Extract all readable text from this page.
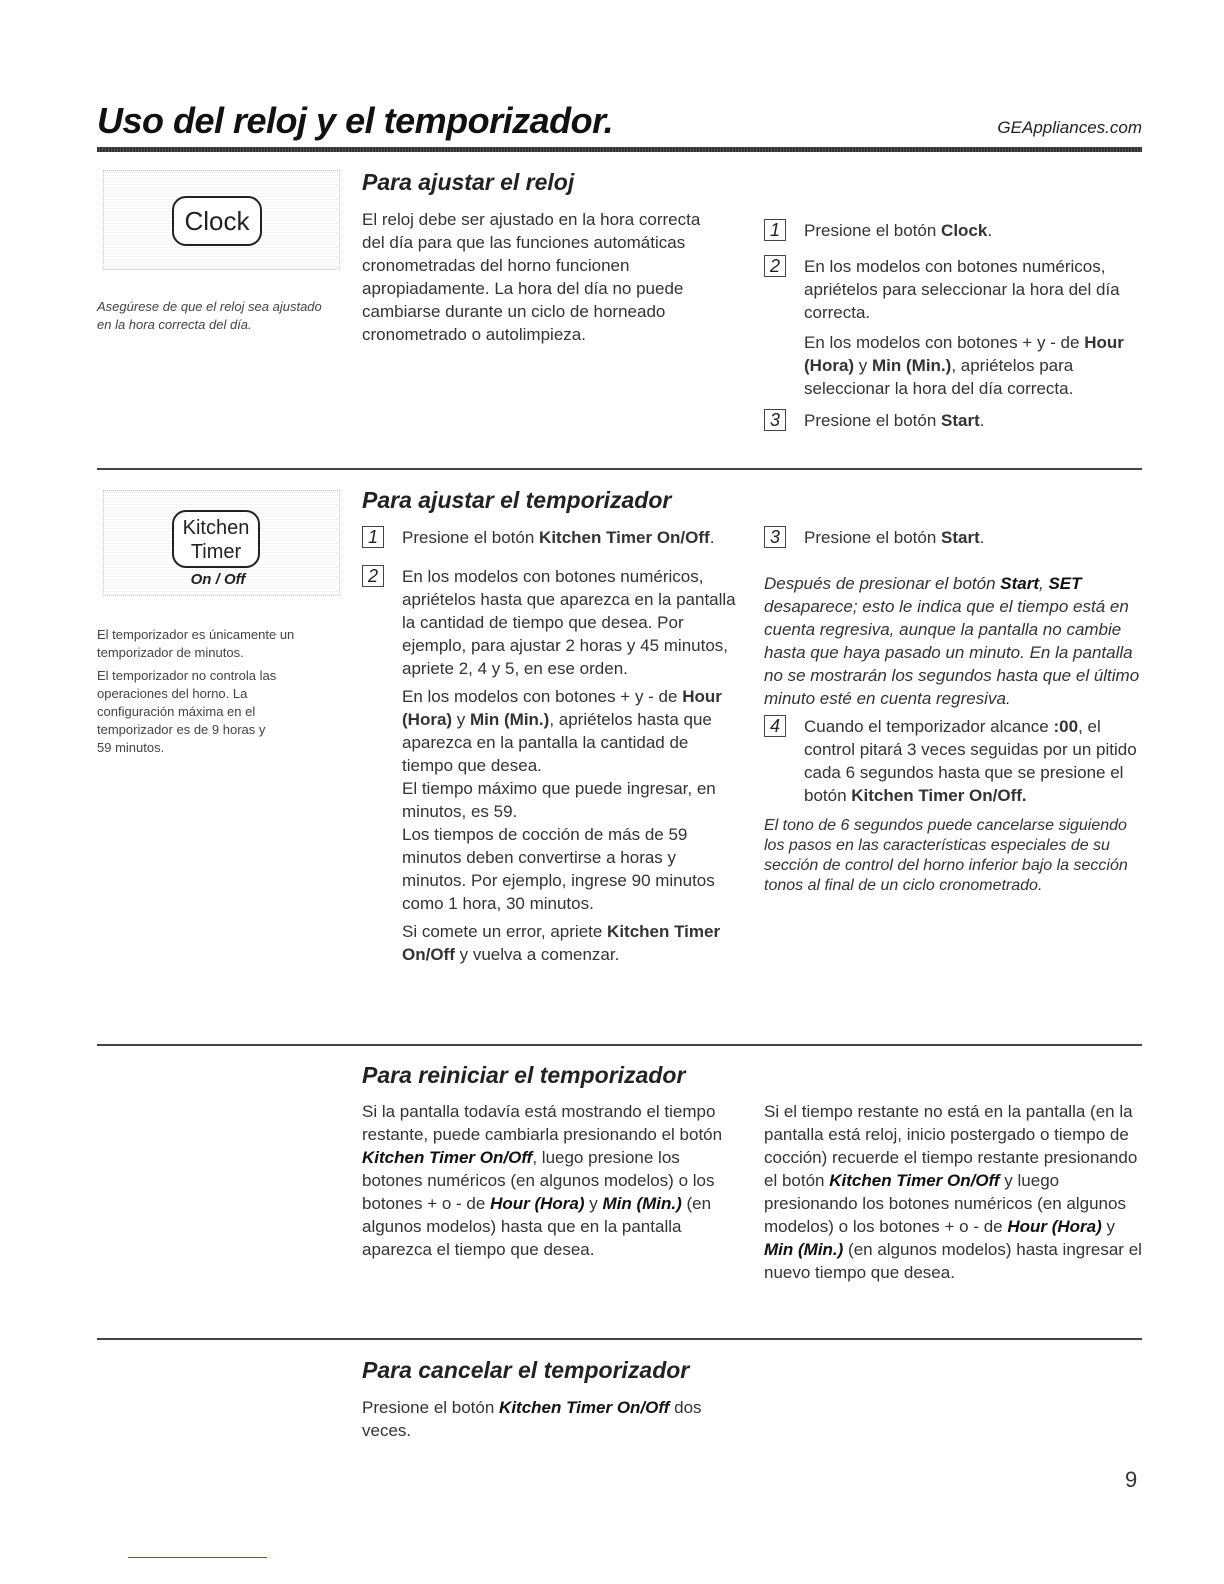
Uso del reloj y el temporizador.	GEAppliances.com
Clock
Asegúrese de que el reloj sea ajustado en la hora correcta del día.
Para ajustar el reloj
El reloj debe ser ajustado en la hora correcta del día para que las funciones automáticas cronometradas del horno funcionen apropiadamente. La hora del día no puede cambiarse durante un ciclo de horneado cronometrado o autolimpieza.
1	Presione el botón Clock.
2	En los modelos con botones numéricos, apriételos para seleccionar la hora del día correcta.
En los modelos con botones + y - de Hour (Hora) y Min (Min.), apriételos para seleccionar la hora del día correcta.
3	Presione el botón Start.
Kitchen
Timer
On / Off
El temporizador es únicamente un temporizador de minutos.
El temporizador no controla las operaciones del horno. La configuración máxima en el temporizador es de 9 horas y 59 minutos.
Para ajustar el temporizador
1	Presione el botón Kitchen Timer On/Off.
2	En los modelos con botones numéricos, apriételos hasta que aparezca en la pantalla la cantidad de tiempo que desea. Por ejemplo, para ajustar 2 horas y 45 minutos, apriete 2, 4 y 5, en ese orden.
En los modelos con botones + y - de Hour (Hora) y Min (Min.), apriételos hasta que aparezca en la pantalla la cantidad de tiempo que desea.
El tiempo máximo que puede ingresar, en minutos, es 59.
Los tiempos de cocción de más de 59 minutos deben convertirse a horas y minutos. Por ejemplo, ingrese 90 minutos como 1 hora, 30 minutos.
Si comete un error, apriete Kitchen Timer On/Off y vuelva a comenzar.
3	Presione el botón Start.
Después de presionar el botón Start, SET desaparece; esto le indica que el tiempo está en cuenta regresiva, aunque la pantalla no cambie hasta que haya pasado un minuto. En la pantalla no se mostrarán los segundos hasta que el último minuto esté en cuenta regresiva.
4	Cuando el temporizador alcance :00, el control pitará 3 veces seguidas por un pitido cada 6 segundos hasta que se presione el botón Kitchen Timer On/Off.
El tono de 6 segundos puede cancelarse siguiendo los pasos en las características especiales de su sección de control del horno inferior bajo la sección tonos al final de un ciclo cronometrado.
Para reiniciar el temporizador
Si la pantalla todavía está mostrando el tiempo restante, puede cambiarla presionando el botón Kitchen Timer On/Off, luego presione los botones numéricos (en algunos modelos) o los botones + o - de Hour (Hora) y Min (Min.) (en algunos modelos) hasta que en la pantalla aparezca el tiempo que desea.
Si el tiempo restante no está en la pantalla (en la pantalla está reloj, inicio postergado o tiempo de cocción) recuerde el tiempo restante presionando el botón Kitchen Timer On/Off y luego presionando los botones numéricos (en algunos modelos) o los botones + o - de Hour (Hora) y Min (Min.) (en algunos modelos) hasta ingresar el nuevo tiempo que desea.
Para cancelar el temporizador
Presione el botón Kitchen Timer On/Off dos veces.
9
